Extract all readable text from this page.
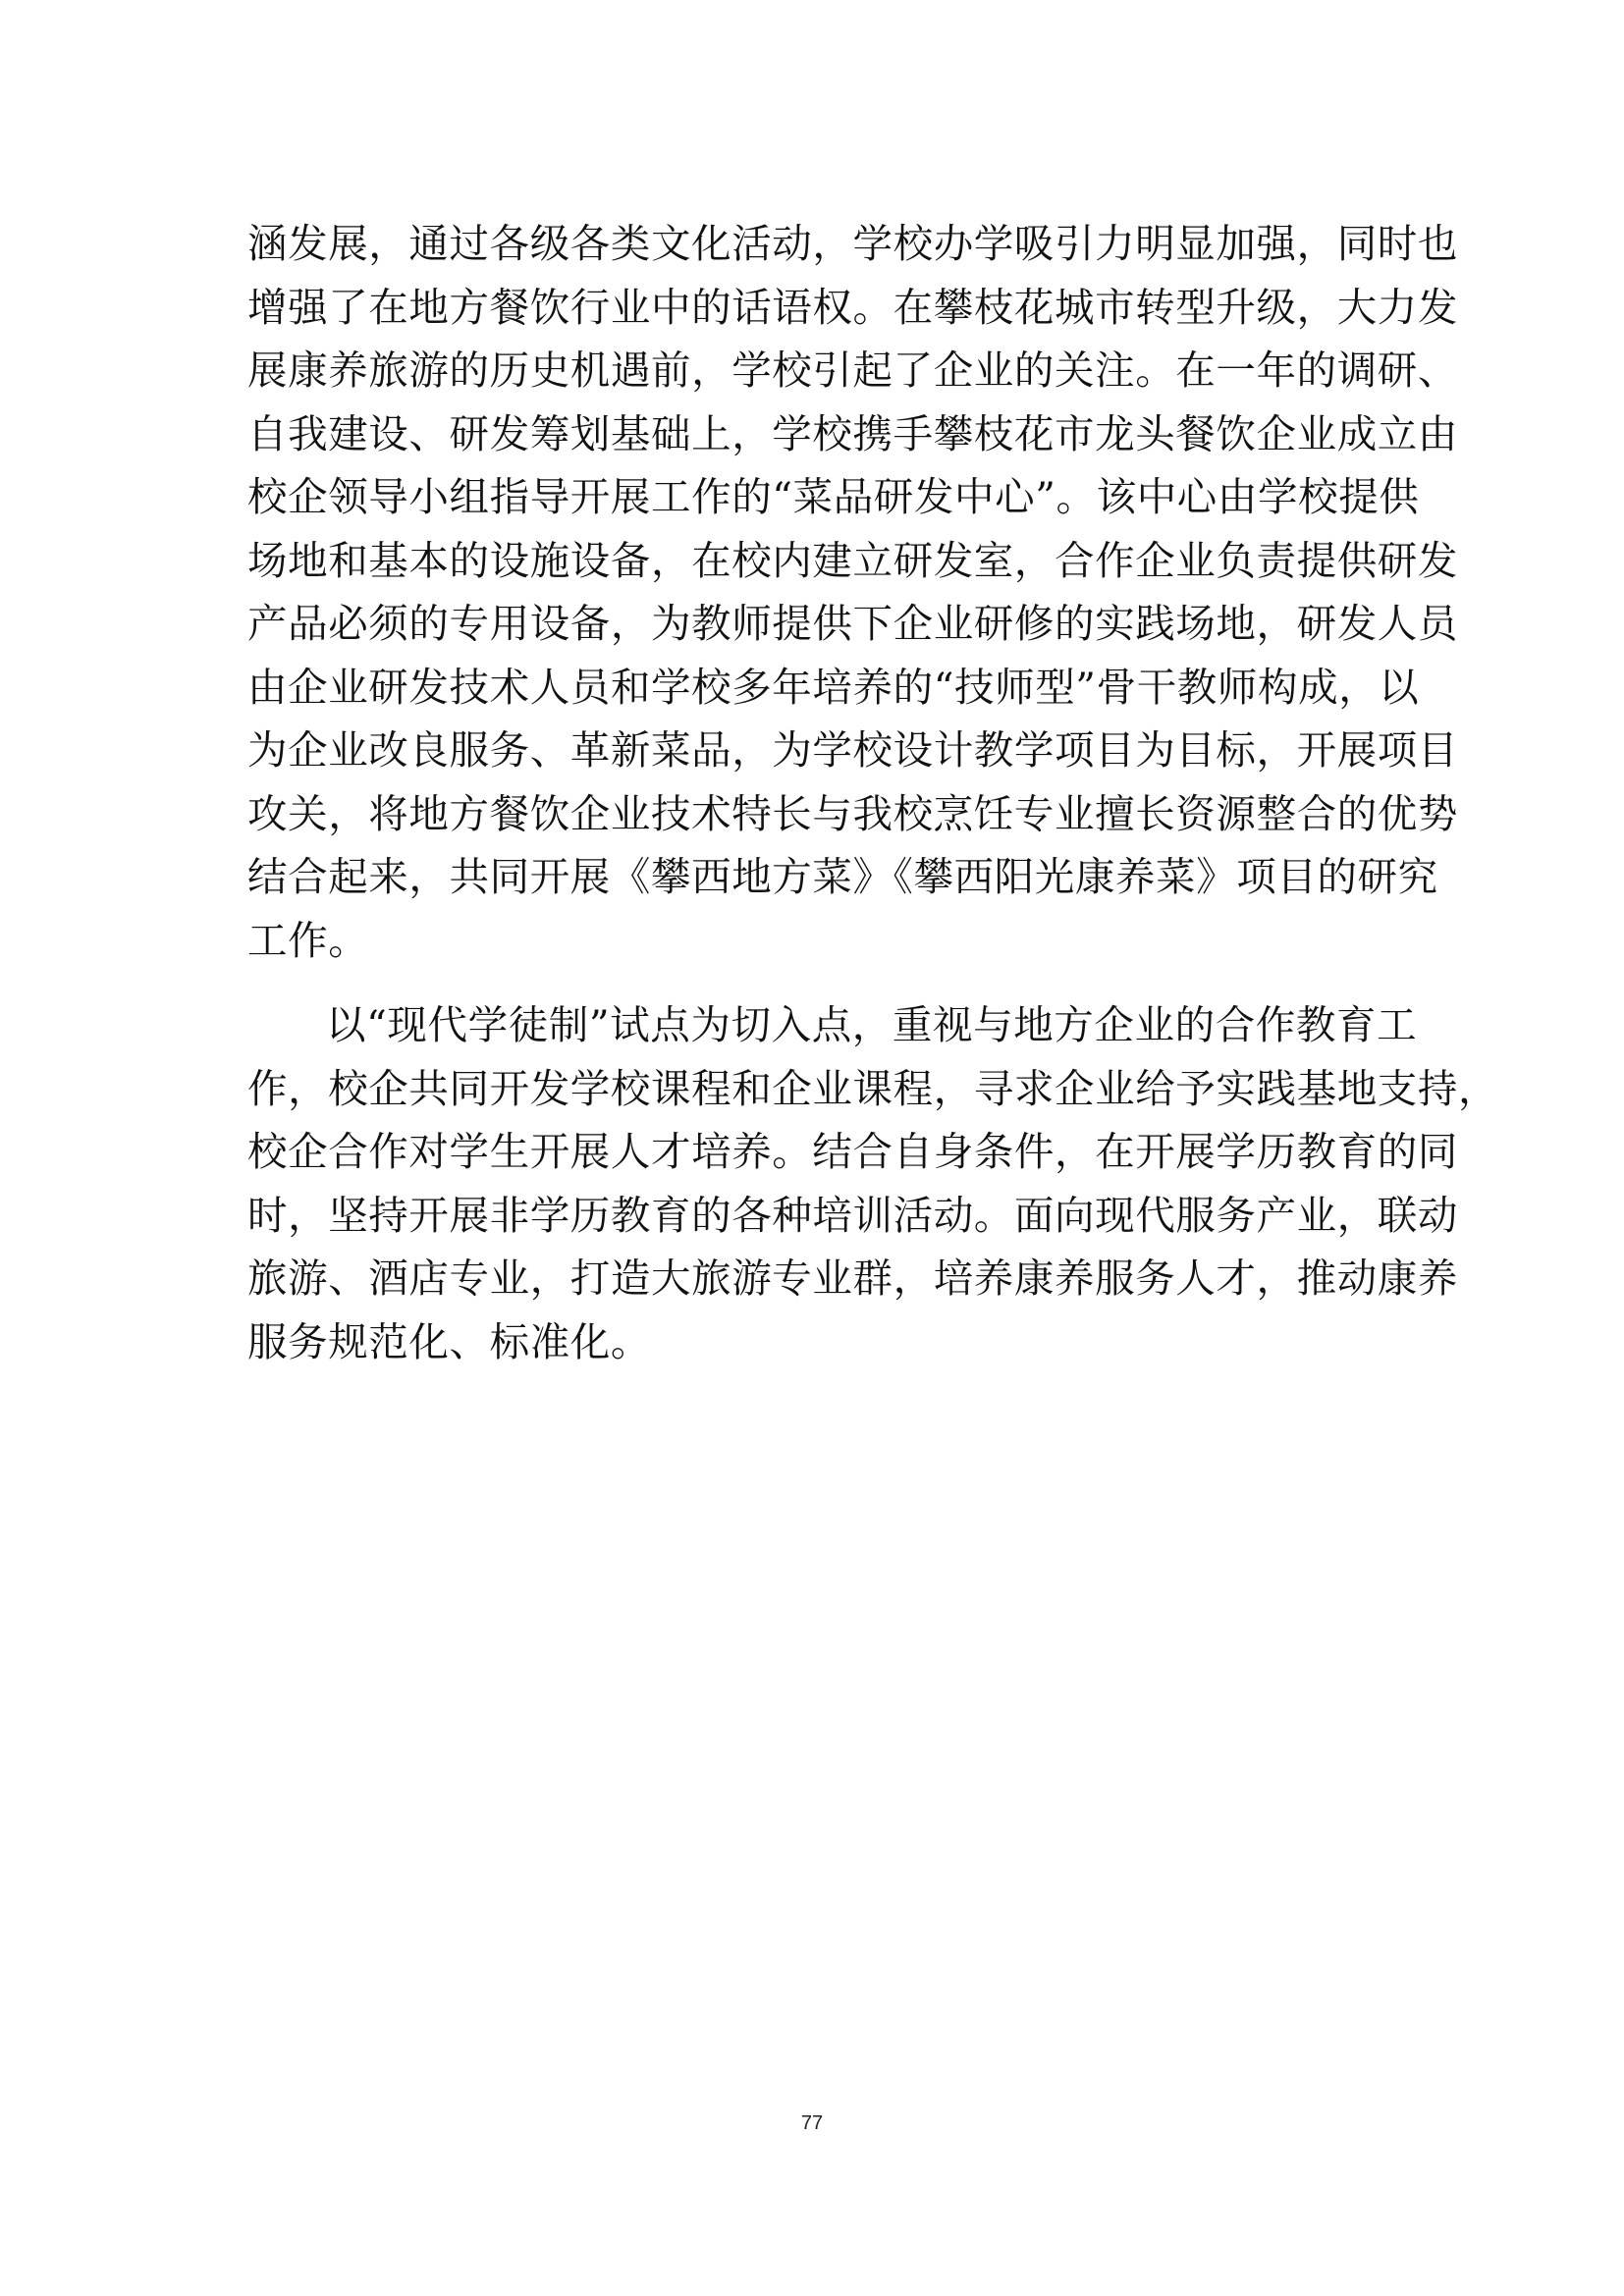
涵发展，通过各级各类文化活动，学校办学吸引力明显加强，同时也
增强了在地方餐饮行业中的话语权。在攀枝花城市转型升级，大力发
展康养旅游的历史机遇前，学校引起了企业的关注。在一年的调研、
自我建设、研发筹划基础上，学校携手攀枝花市龙头餐饮企业成立由
校企领导小组指导开展工作的“菜品研发中心”。该中心由学校提供
场地和基本的设施设备，在校内建立研发室，合作企业负责提供研发
产品必须的专用设备，为教师提供下企业研修的实践场地，研发人员
由企业研发技术人员和学校多年培养的“技师型”骨干教师构成，以
为企业改良服务、革新菜品，为学校设计教学项目为目标，开展项目
攻关，将地方餐饮企业技术特长与我校烹饪专业擅长资源整合的优势
结合起来，共同开展《攀西地方菜》《攀西阳光康养菜》项目的研究
工作。
以“现代学徒制”试点为切入点，重视与地方企业的合作教育工
作，校企共同开发学校课程和企业课程，寻求企业给予实践基地支持，
校企合作对学生开展人才培养。结合自身条件，在开展学历教育的同
时，坚持开展非学历教育的各种培训活动。面向现代服务产业，联动
旅游、酒店专业，打造大旅游专业群，培养康养服务人才，推动康养
服务规范化、标准化。
77
